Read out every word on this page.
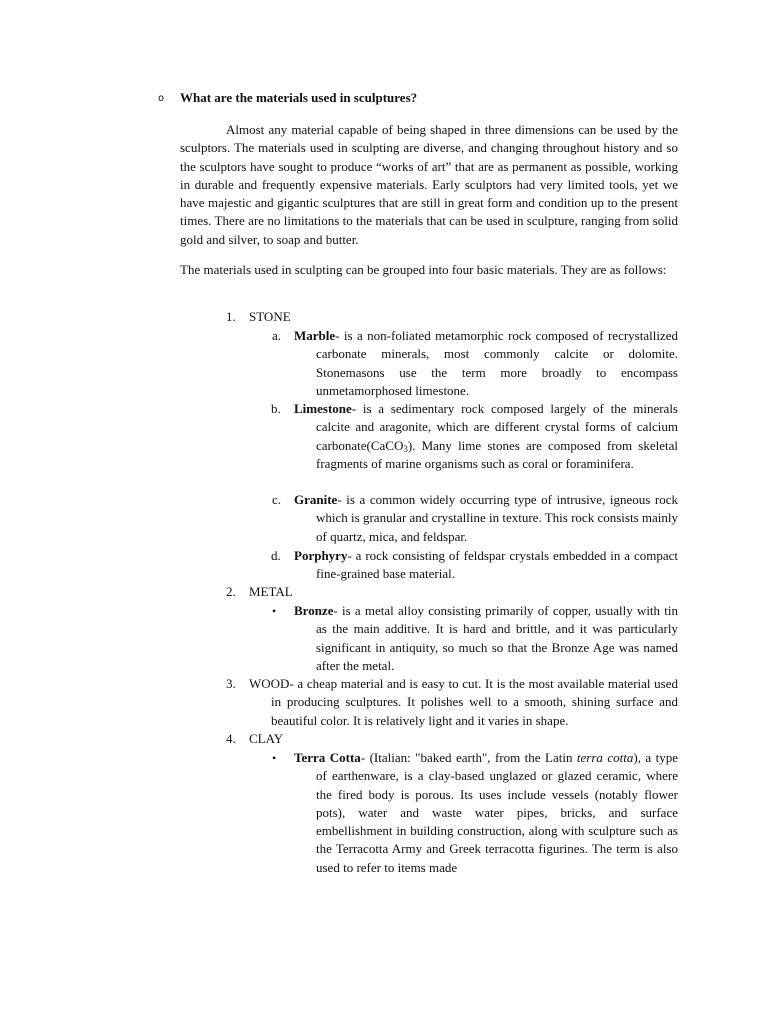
o What are the materials used in sculptures?

Almost any material capable of being shaped in three dimensions can be used by the sculptors. The materials used in sculpting are diverse, and changing throughout history and so the sculptors have sought to produce “works of art” that are as permanent as possible, working in durable and frequently expensive materials. Early sculptors had very limited tools, yet we have majestic and gigantic sculptures that are still in great form and condition up to the present times. There are no limitations to the materials that can be used in sculpture, ranging from solid gold and silver, to soap and butter.

The materials used in sculpting can be grouped into four basic materials. They are as follows:

1. STONE
a. Marble- is a non-foliated metamorphic rock composed of recrystallized carbonate minerals, most commonly calcite or dolomite. Stonemasons use the term more broadly to encompass unmetamorphosed limestone.
b. Limestone- is a sedimentary rock composed largely of the minerals calcite and aragonite, which are different crystal forms of calcium carbonate(CaCO$_3$). Many lime stones are composed from skeletal fragments of marine organisms such as coral or foraminifera.
c. Granite- is a common widely occurring type of intrusive, igneous rock which is granular and crystalline in texture. This rock consists mainly of quartz, mica, and feldspar.
d. Porphyry- a rock consisting of feldspar crystals embedded in a compact fine-grained base material.
2. METAL
• Bronze- is a metal alloy consisting primarily of copper, usually with tin as the main additive. It is hard and brittle, and it was particularly significant in antiquity, so much so that the Bronze Age was named after the metal.
3. WOOD- a cheap material and is easy to cut. It is the most available material used in producing sculptures. It polishes well to a smooth, shining surface and beautiful color. It is relatively light and it varies in shape.
4. CLAY
• Terra Cotta- (Italian: "baked earth", from the Latin terra cotta), a type of earthenware, is a clay-based unglazed or glazed ceramic, where the fired body is porous. Its uses include vessels (notably flower pots), water and waste water pipes, bricks, and surface embellishment in building construction, along with sculpture such as the Terracotta Army and Greek terracotta figurines. The term is also used to refer to items made
